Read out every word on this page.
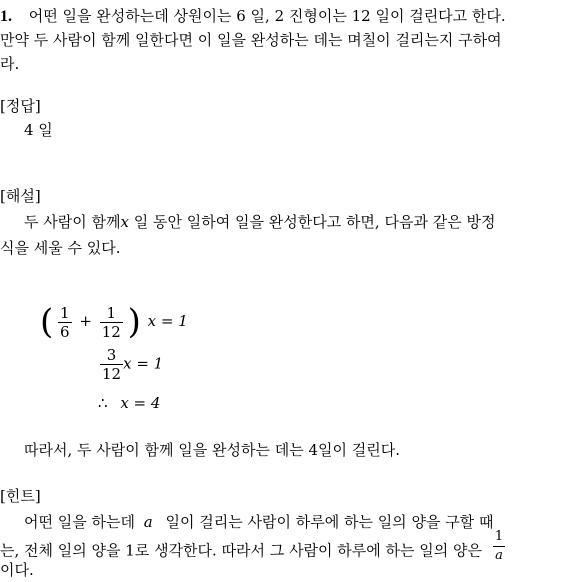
1. 어떤 일을 완성하는데 상원이는 6 일, 2 진형이는 12 일이 걸린다고 한다.
만약 두 사람이 함께 일한다면 이 일을 완성하는 데는 며칠이 걸리는지 구하여
라.
[정답]
4 일
[해설]
두 사람이 함께x 일 동안 일하여 일을 완성한다고 하면, 다음과 같은 방정
식을 세울 수 있다.
( $\frac{1}{6} + \frac{1}{12}$ ) x = 1
$\frac{3}{12}$ x = 1
∴ x = 4
따라서, 두 사람이 함께 일을 완성하는 데는 4일이 걸린다.
[힌트]
어떤 일을 하는데 a 일이 걸리는 사람이 하루에 하는 일의 양을 구할 때
는, 전체 일의 양을 1로 생각한다. 따라서 그 사람이 하루에 하는 일의 양은 $\frac{1}{a}$
이다.
